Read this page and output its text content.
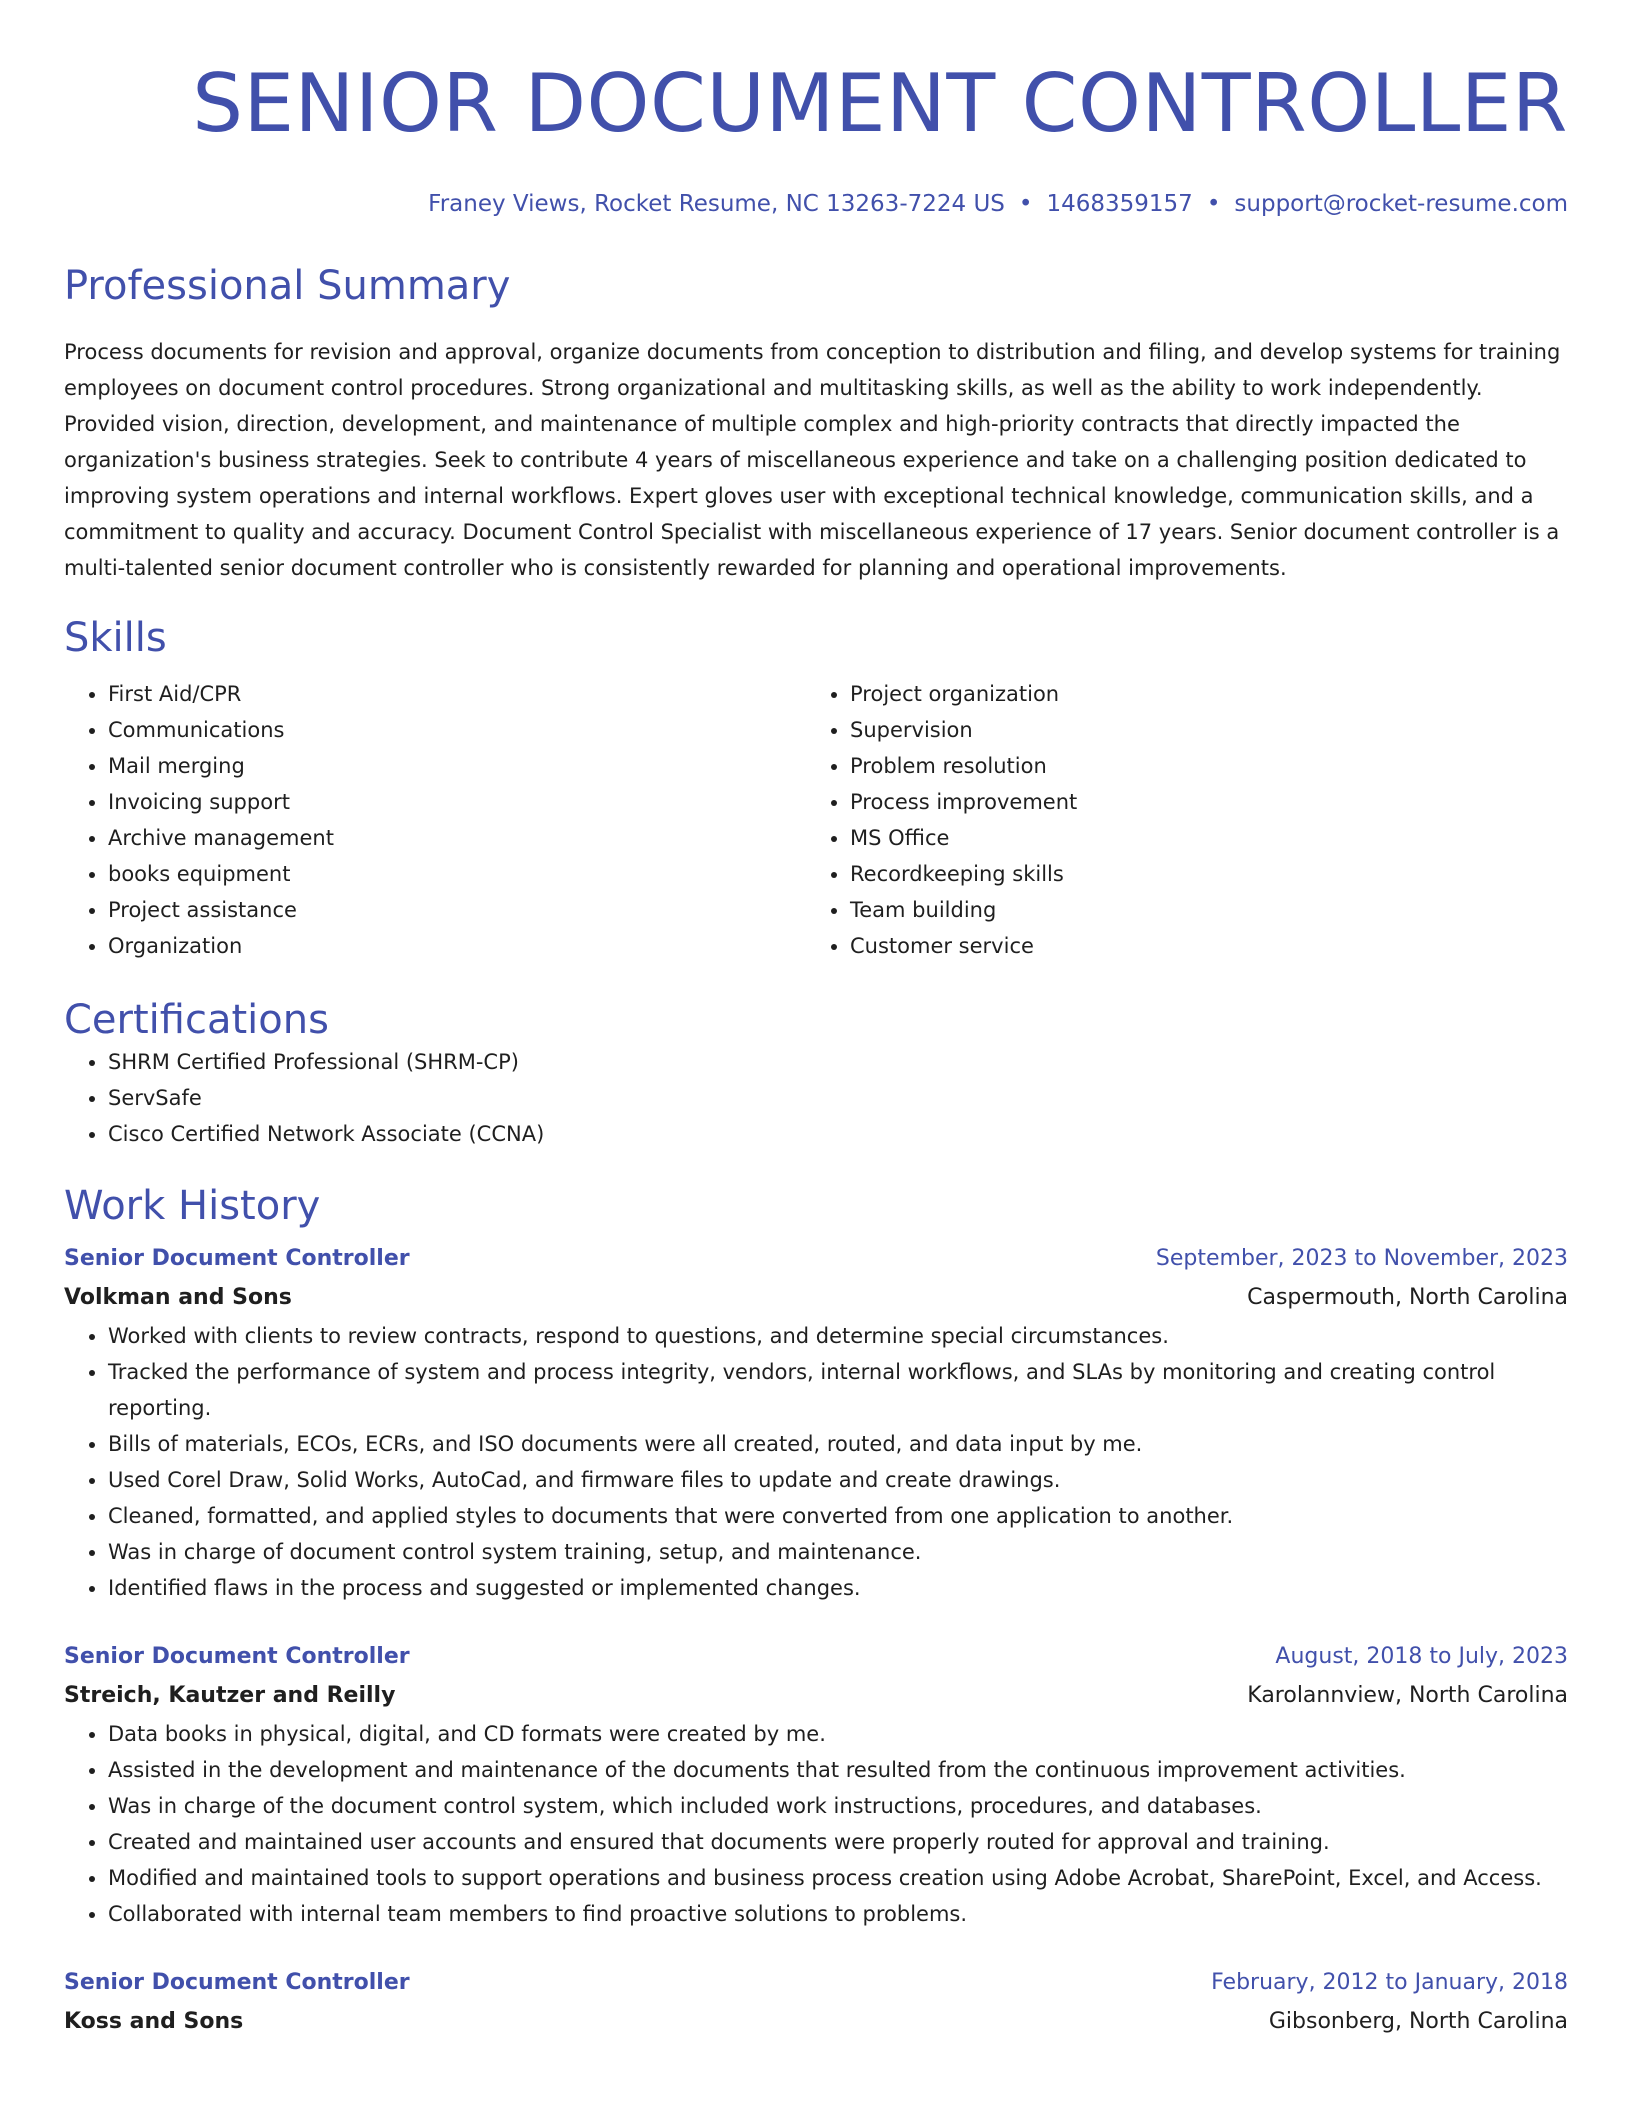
SENIOR DOCUMENT CONTROLLER
Franey Views, Rocket Resume, NC 13263-7224 US • 1468359157 • support@rocket-resume.com
Professional Summary
Process documents for revision and approval, organize documents from conception to distribution and filing, and develop systems for training employees on document control procedures. Strong organizational and multitasking skills, as well as the ability to work independently. Provided vision, direction, development, and maintenance of multiple complex and high-priority contracts that directly impacted the organization's business strategies. Seek to contribute 4 years of miscellaneous experience and take on a challenging position dedicated to improving system operations and internal workflows. Expert gloves user with exceptional technical knowledge, communication skills, and a commitment to quality and accuracy. Document Control Specialist with miscellaneous experience of 17 years. Senior document controller is a multi-talented senior document controller who is consistently rewarded for planning and operational improvements.
Skills
• First Aid/CPR
• Communications
• Mail merging
• Invoicing support
• Archive management
• books equipment
• Project assistance
• Organization
• Project organization
• Supervision
• Problem resolution
• Process improvement
• MS Office
• Recordkeeping skills
• Team building
• Customer service
Certifications
• SHRM Certified Professional (SHRM-CP)
• ServSafe
• Cisco Certified Network Associate (CCNA)
Work History
Senior Document Controller	September, 2023 to November, 2023
Volkman and Sons	Caspermouth, North Carolina
• Worked with clients to review contracts, respond to questions, and determine special circumstances.
• Tracked the performance of system and process integrity, vendors, internal workflows, and SLAs by monitoring and creating control reporting.
• Bills of materials, ECOs, ECRs, and ISO documents were all created, routed, and data input by me.
• Used Corel Draw, Solid Works, AutoCad, and firmware files to update and create drawings.
• Cleaned, formatted, and applied styles to documents that were converted from one application to another.
• Was in charge of document control system training, setup, and maintenance.
• Identified flaws in the process and suggested or implemented changes.
Senior Document Controller	August, 2018 to July, 2023
Streich, Kautzer and Reilly	Karolannview, North Carolina
• Data books in physical, digital, and CD formats were created by me.
• Assisted in the development and maintenance of the documents that resulted from the continuous improvement activities.
• Was in charge of the document control system, which included work instructions, procedures, and databases.
• Created and maintained user accounts and ensured that documents were properly routed for approval and training.
• Modified and maintained tools to support operations and business process creation using Adobe Acrobat, SharePoint, Excel, and Access.
• Collaborated with internal team members to find proactive solutions to problems.
Senior Document Controller	February, 2012 to January, 2018
Koss and Sons	Gibsonberg, North Carolina
